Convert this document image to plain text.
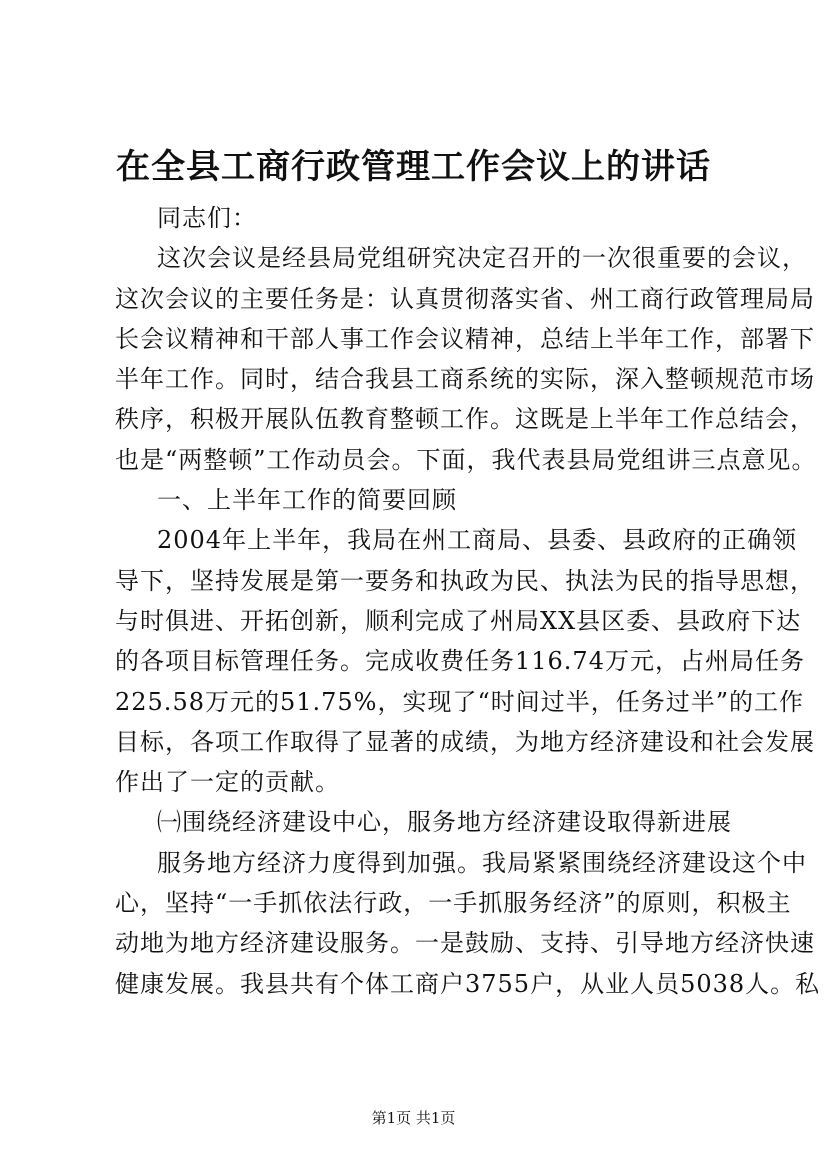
在全县工商行政管理工作会议上的讲话
同志们：
这次会议是经县局党组研究决定召开的一次很重要的会议，
这次会议的主要任务是：认真贯彻落实省、州工商行政管理局局
长会议精神和干部人事工作会议精神，总结上半年工作，部署下
半年工作。同时，结合我县工商系统的实际，深入整顿规范市场
秩序，积极开展队伍教育整顿工作。这既是上半年工作总结会，
也是“两整顿”工作动员会。下面，我代表县局党组讲三点意见。
一、上半年工作的简要回顾
2004年上半年，我局在州工商局、县委、县政府的正确领
导下，坚持发展是第一要务和执政为民、执法为民的指导思想，
与时俱进、开拓创新，顺利完成了州局XX县区委、县政府下达
的各项目标管理任务。完成收费任务116.74万元，占州局任务
225.58万元的51.75%，实现了“时间过半，任务过半”的工作
目标，各项工作取得了显著的成绩，为地方经济建设和社会发展
作出了一定的贡献。
㈠围绕经济建设中心，服务地方经济建设取得新进展
服务地方经济力度得到加强。我局紧紧围绕经济建设这个中
心，坚持“一手抓依法行政，一手抓服务经济”的原则，积极主
动地为地方经济建设服务。一是鼓励、支持、引导地方经济快速
健康发展。我县共有个体工商户3755户，从业人员5038人。私
第1页 共1页
